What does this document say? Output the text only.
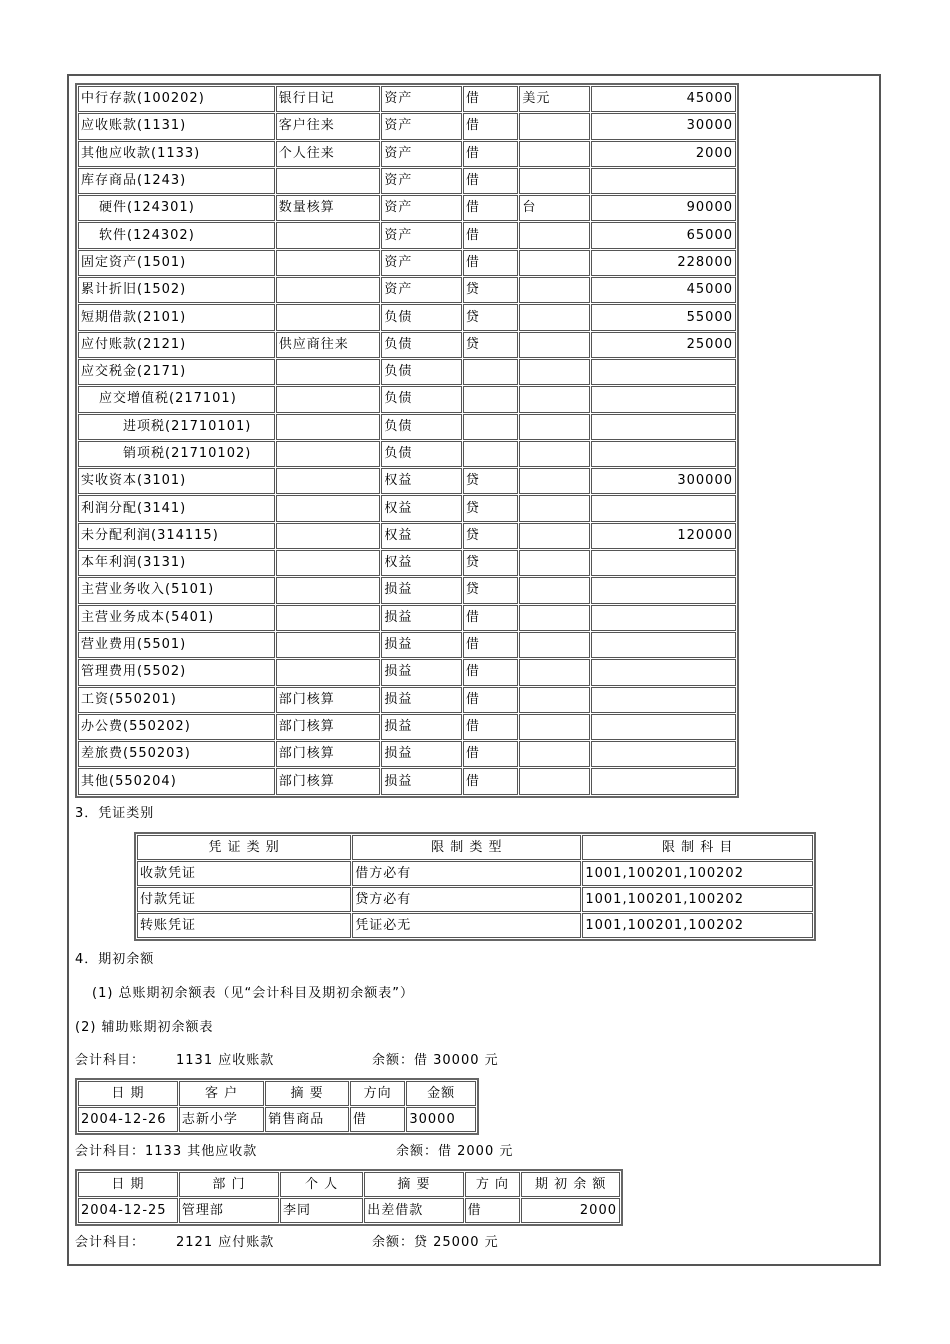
中行存款(100202)	银行日记	资产	借	美元	45000
应收账款(1131)	客户往来	资产	借		30000
其他应收款(1133)	个人往来	资产	借		2000
库存商品(1243)		资产	借		
硬件(124301)	数量核算	资产	借	台	90000
软件(124302)		资产	借		65000
固定资产(1501)		资产	借		228000
累计折旧(1502)		资产	贷		45000
短期借款(2101)		负债	贷		55000
应付账款(2121)	供应商往来	负债	贷		25000
应交税金(2171)		负债			
应交增值税(217101)		负债			
进项税(21710101)		负债			
销项税(21710102)		负债			
实收资本(3101)		权益	贷		300000
利润分配(3141)		权益	贷		
未分配利润(314115)		权益	贷		120000
本年利润(3131)		权益	贷		
主营业务收入(5101)		损益	贷		
主营业务成本(5401)		损益	借		
营业费用(5501)		损益	借		
管理费用(5502)		损益	借		
工资(550201)	部门核算	损益	借		
办公费(550202)	部门核算	损益	借		
差旅费(550203)	部门核算	损益	借		
其他(550204)	部门核算	损益	借		
3．凭证类别
凭 证 类 别	限 制 类 型	限 制 科 目
收款凭证	借方必有	1001,100201,100202
付款凭证	贷方必有	1001,100201,100202
转账凭证	凭证必无	1001,100201,100202
4．期初余额
(1) 总账期初余额表（见“会计科目及期初余额表”）
(2) 辅助账期初余额表
会计科目： 1131 应收账款	余额：借 30000 元
日 期	客 户	摘 要	方向	金额
2004-12-26	志新小学	销售商品	借	30000
会计科目：1133 其他应收款	余额：借 2000 元
日 期	部 门	个 人	摘 要	方 向	期 初 余 额
2004-12-25	管理部	李同	出差借款	借	2000
会计科目： 2121 应付账款	余额：贷 25000 元
